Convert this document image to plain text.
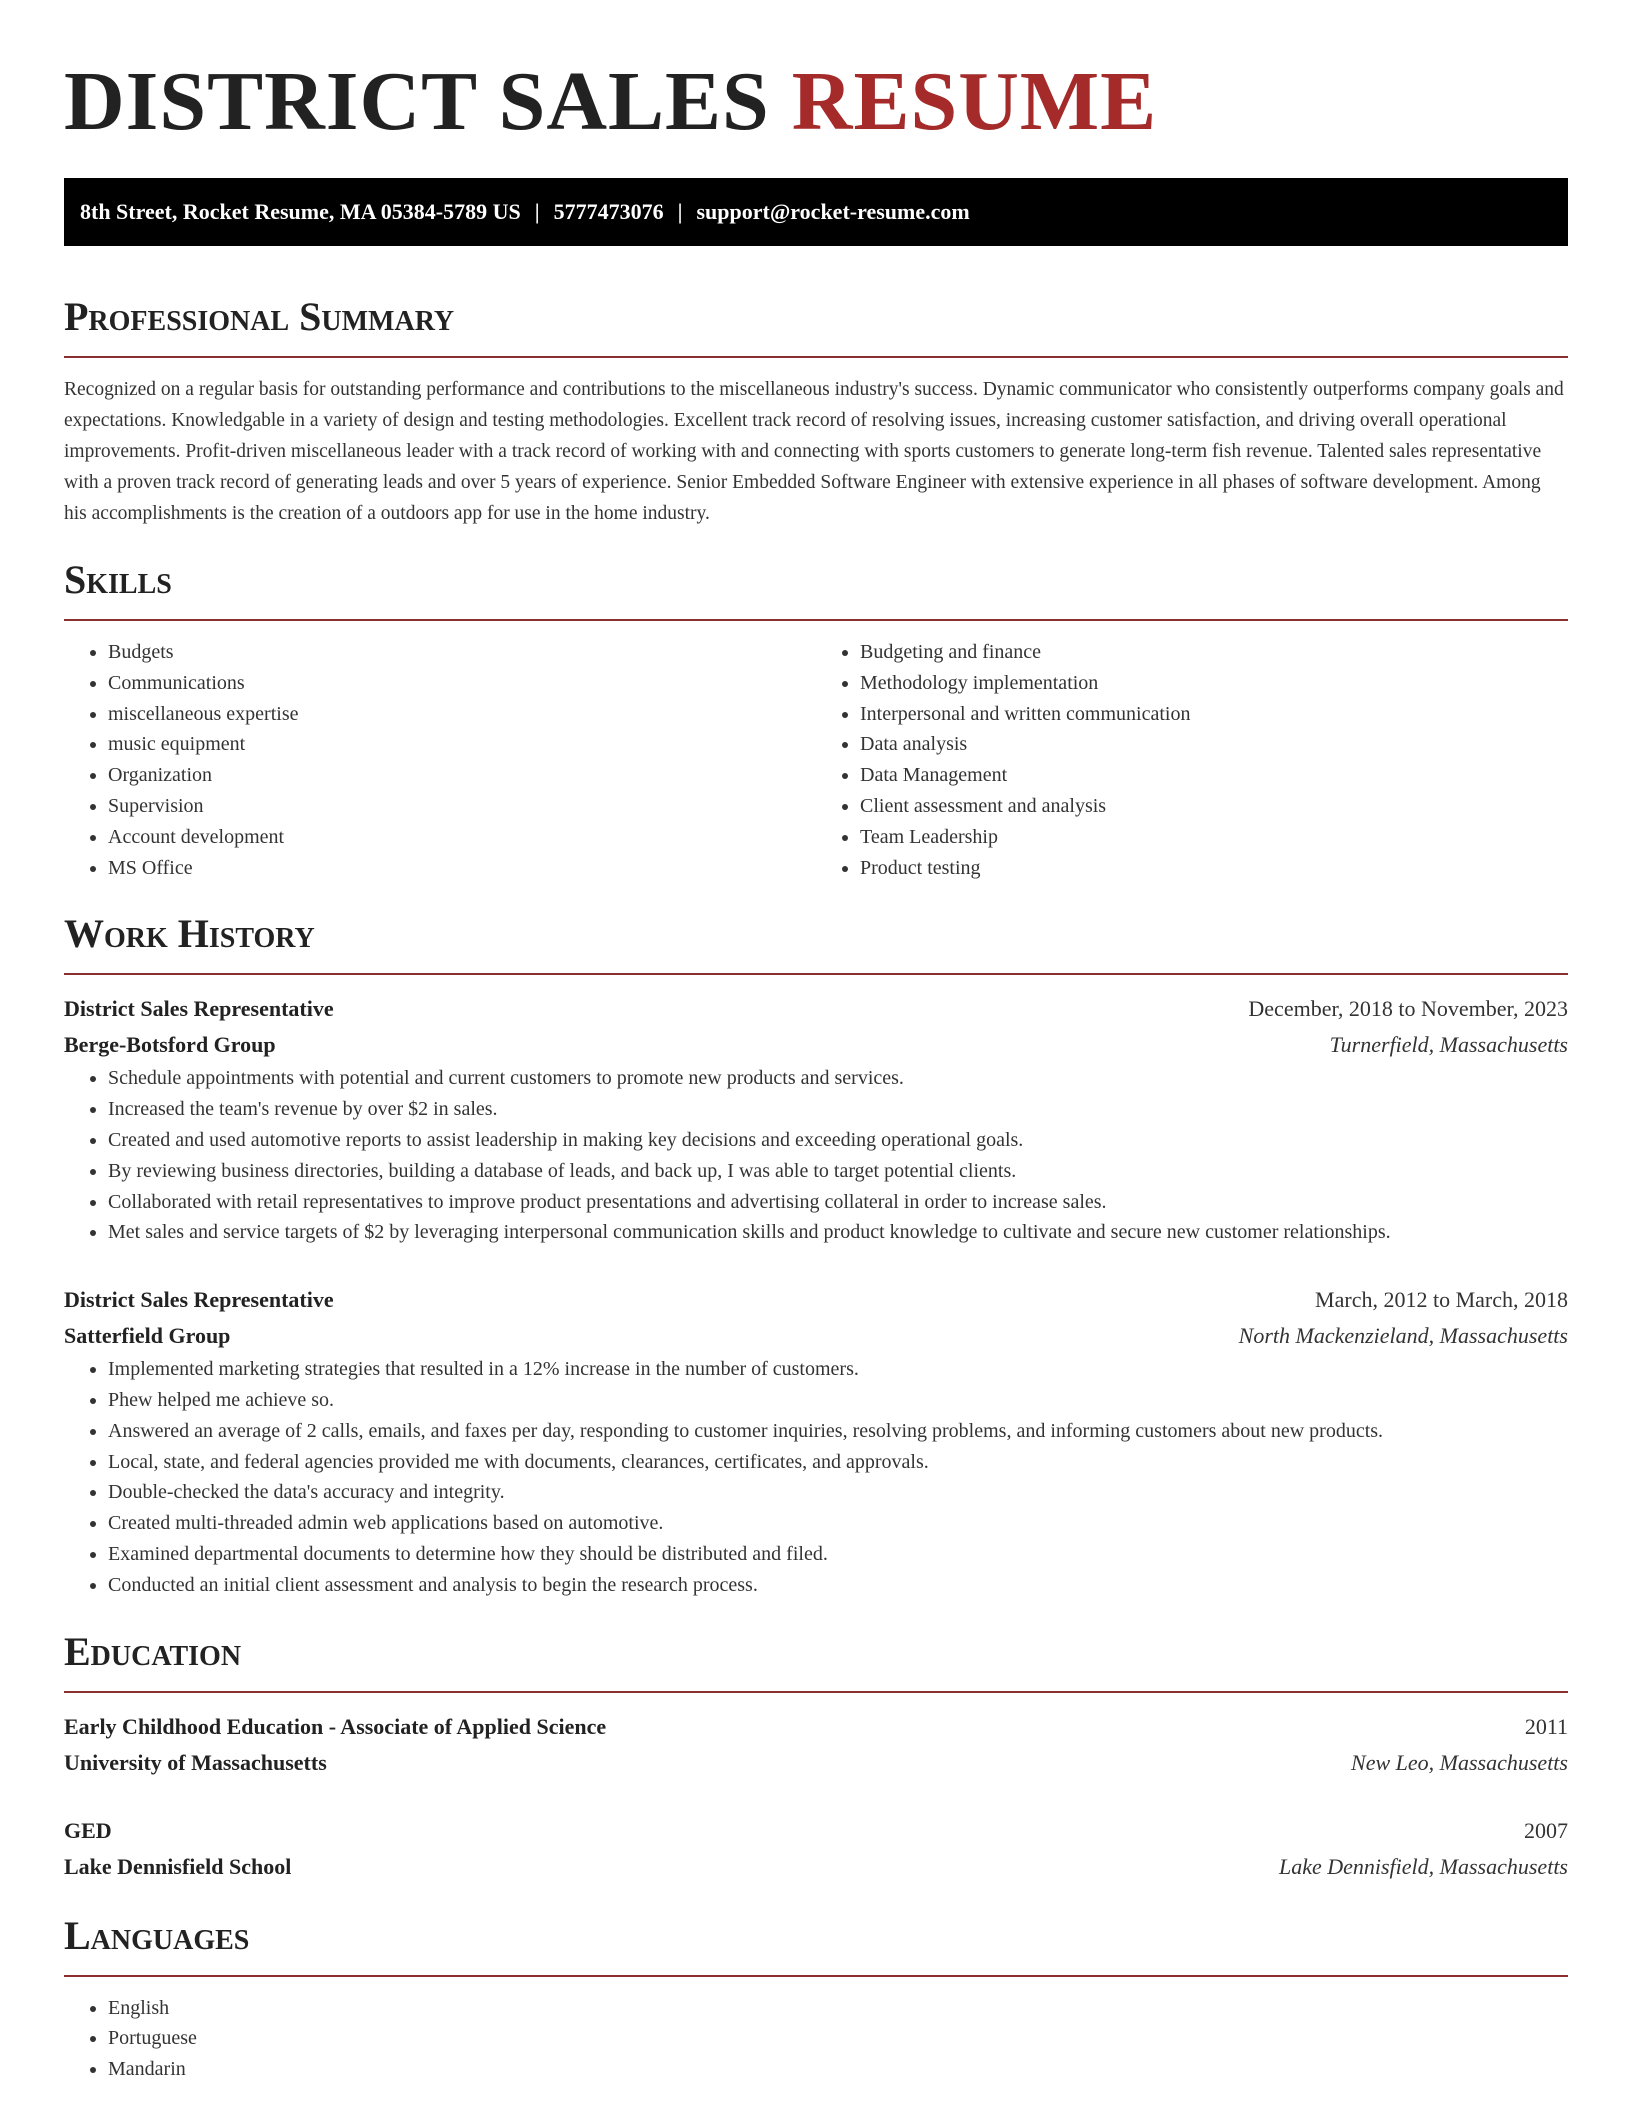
DISTRICT SALES RESUME
8th Street, Rocket Resume, MA 05384-5789 US | 5777473076 | support@rocket-resume.com
Professional Summary

Recognized on a regular basis for outstanding performance and contributions to the miscellaneous industry's success. Dynamic communicator who consistently outperforms company goals and expectations. Knowledgable in a variety of design and testing methodologies. Excellent track record of resolving issues, increasing customer satisfaction, and driving overall operational improvements. Profit-driven miscellaneous leader with a track record of working with and connecting with sports customers to generate long-term fish revenue. Talented sales representative with a proven track record of generating leads and over 5 years of experience. Senior Embedded Software Engineer with extensive experience in all phases of software development. Among his accomplishments is the creation of a outdoors app for use in the home industry.

Skills
• Budgets
• Communications
• miscellaneous expertise
• music equipment
• Organization
• Supervision
• Account development
• MS Office
• Budgeting and finance
• Methodology implementation
• Interpersonal and written communication
• Data analysis
• Data Management
• Client assessment and analysis
• Team Leadership
• Product testing
Work History
District Sales Representative	December, 2018 to November, 2023
Berge-Botsford Group	Turnerfield, Massachusetts
• Schedule appointments with potential and current customers to promote new products and services.
• Increased the team's revenue by over $2 in sales.
• Created and used automotive reports to assist leadership in making key decisions and exceeding operational goals.
• By reviewing business directories, building a database of leads, and back up, I was able to target potential clients.
• Collaborated with retail representatives to improve product presentations and advertising collateral in order to increase sales.
• Met sales and service targets of $2 by leveraging interpersonal communication skills and product knowledge to cultivate and secure new customer relationships.
District Sales Representative	March, 2012 to March, 2018
Satterfield Group	North Mackenzieland, Massachusetts
• Implemented marketing strategies that resulted in a 12% increase in the number of customers.
• Phew helped me achieve so.
• Answered an average of 2 calls, emails, and faxes per day, responding to customer inquiries, resolving problems, and informing customers about new products.
• Local, state, and federal agencies provided me with documents, clearances, certificates, and approvals.
• Double-checked the data's accuracy and integrity.
• Created multi-threaded admin web applications based on automotive.
• Examined departmental documents to determine how they should be distributed and filed.
• Conducted an initial client assessment and analysis to begin the research process.
Education
Early Childhood Education - Associate of Applied Science	2011
University of Massachusetts	New Leo, Massachusetts
GED	2007
Lake Dennisfield School	Lake Dennisfield, Massachusetts
Languages
• English
• Portuguese
• Mandarin
